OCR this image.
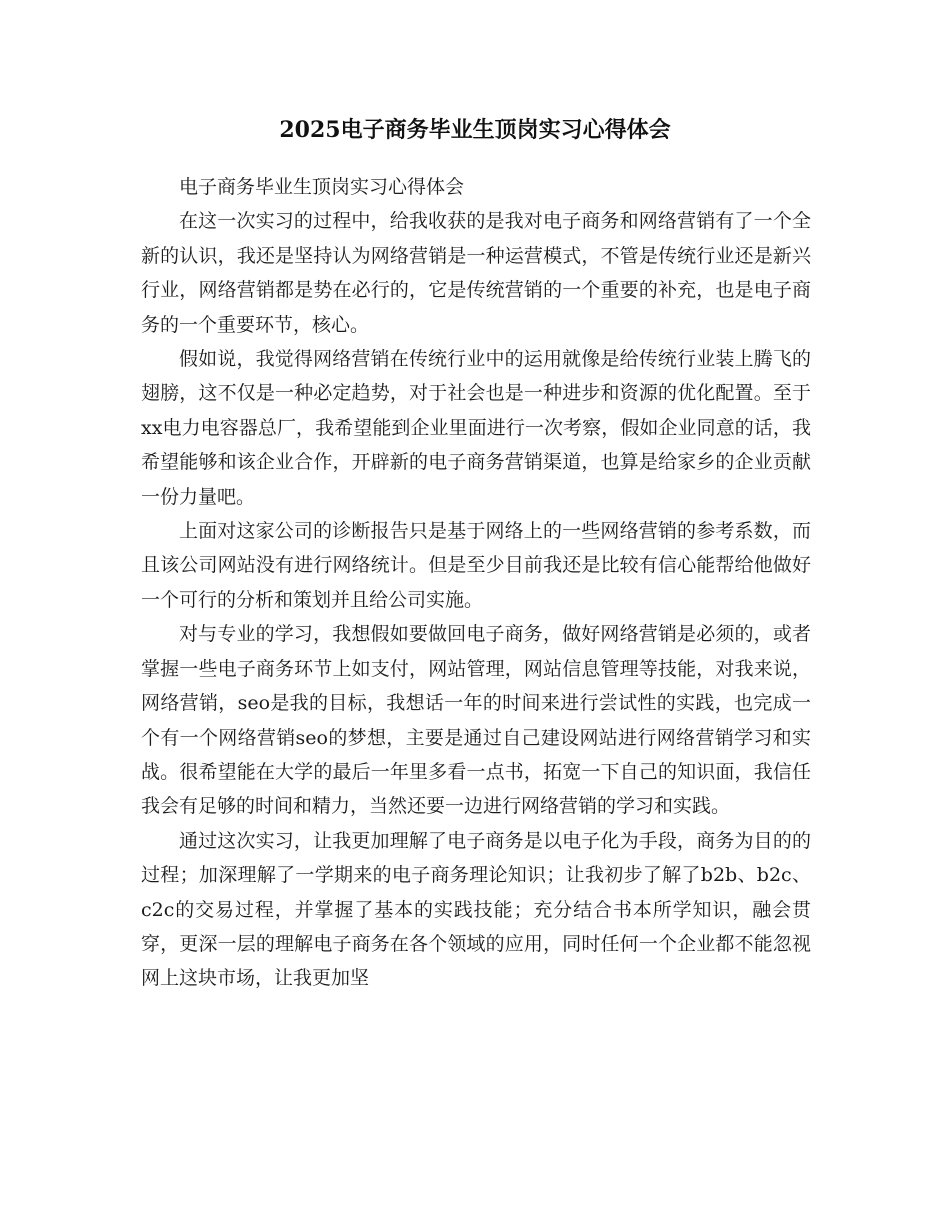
2025电子商务毕业生顶岗实习心得体会

电子商务毕业生顶岗实习心得体会

在这一次实习的过程中，给我收获的是我对电子商务和网络营销有了一个全新的认识，我还是坚持认为网络营销是一种运营模式，不管是传统行业还是新兴行业，网络营销都是势在必行的，它是传统营销的一个重要的补充，也是电子商务的一个重要环节，核心。

假如说，我觉得网络营销在传统行业中的运用就像是给传统行业装上腾飞的翅膀，这不仅是一种必定趋势，对于社会也是一种进步和资源的优化配置。至于xx电力电容器总厂，我希望能到企业里面进行一次考察，假如企业同意的话，我希望能够和该企业合作，开辟新的电子商务营销渠道，也算是给家乡的企业贡献一份力量吧。

上面对这家公司的诊断报告只是基于网络上的一些网络营销的参考系数，而且该公司网站没有进行网络统计。但是至少目前我还是比较有信心能帮给他做好一个可行的分析和策划并且给公司实施。

对与专业的学习，我想假如要做回电子商务，做好网络营销是必须的，或者掌握一些电子商务环节上如支付，网站管理，网站信息管理等技能，对我来说，网络营销，seo是我的目标，我想话一年的时间来进行尝试性的实践，也完成一个有一个网络营销seo的梦想，主要是通过自己建设网站进行网络营销学习和实战。很希望能在大学的最后一年里多看一点书，拓宽一下自己的知识面，我信任我会有足够的时间和精力，当然还要一边进行网络营销的学习和实践。

通过这次实习，让我更加理解了电子商务是以电子化为手段，商务为目的的过程；加深理解了一学期来的电子商务理论知识；让我初步了解了b2b、b2c、c2c的交易过程，并掌握了基本的实践技能；充分结合书本所学知识，融会贯穿，更深一层的理解电子商务在各个领域的应用，同时任何一个企业都不能忽视网上这块市场，让我更加坚
